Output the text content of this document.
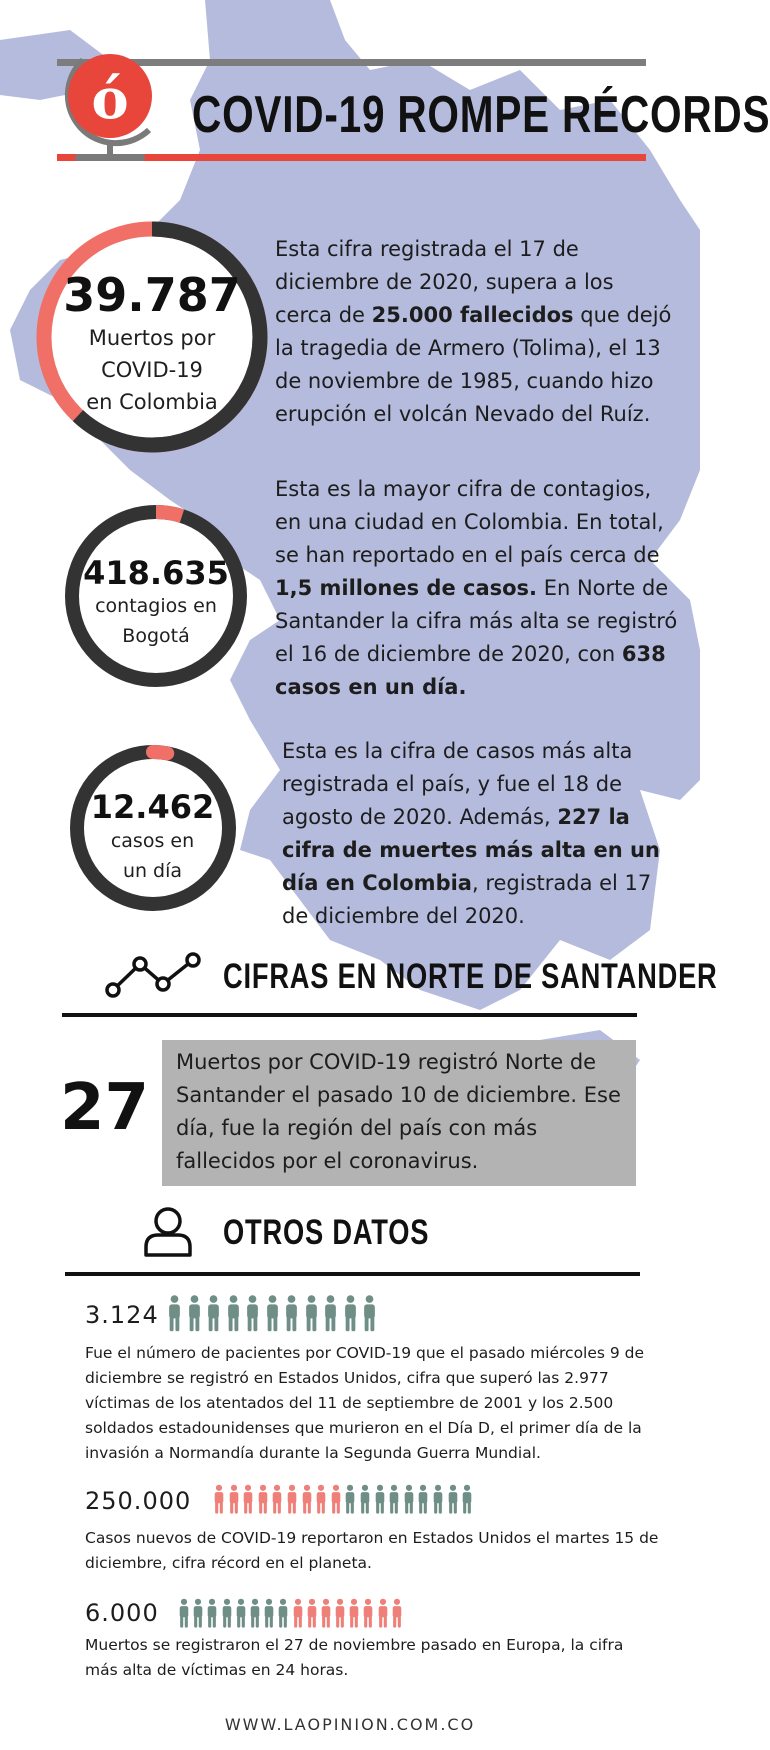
ó COVID-19 ROMPE RÉCORDS
39.787
Muertos por
COVID-19
en Colombia
Esta cifra registrada el 17 de diciembre de 2020, supera a los cerca de 25.000 fallecidos que dejó la tragedia de Armero (Tolima), el 13 de noviembre de 1985, cuando hizo erupción el volcán Nevado del Ruíz.
418.635
contagios en
Bogotá
Esta es la mayor cifra de contagios, en una ciudad en Colombia. En total, se han reportado en el país cerca de 1,5 millones de casos. En Norte de Santander la cifra más alta se registró el 16 de diciembre de 2020, con 638 casos en un día.
12.462
casos en
un día
Esta es la cifra de casos más alta registrada el país, y fue el 18 de agosto de 2020. Además, 227 la cifra de muertes más alta en un día en Colombia, registrada el 17 de diciembre del 2020.
CIFRAS EN NORTE DE SANTANDER
27
Muertos por COVID-19 registró Norte de Santander el pasado 10 de diciembre. Ese día, fue la región del país con más fallecidos por el coronavirus.
OTROS DATOS
3.124
Fue el número de pacientes por COVID-19 que el pasado miércoles 9 de diciembre se registró en Estados Unidos, cifra que superó las 2.977 víctimas de los atentados del 11 de septiembre de 2001 y los 2.500 soldados estadounidenses que murieron en el Día D, el primer día de la invasión a Normandía durante la Segunda Guerra Mundial.
250.000
Casos nuevos de COVID-19 reportaron en Estados Unidos el martes 15 de diciembre, cifra récord en el planeta.
6.000
Muertos se registraron el 27 de noviembre pasado en Europa, la cifra más alta de víctimas en 24 horas.
WWW.LAOPINION.COM.CO
